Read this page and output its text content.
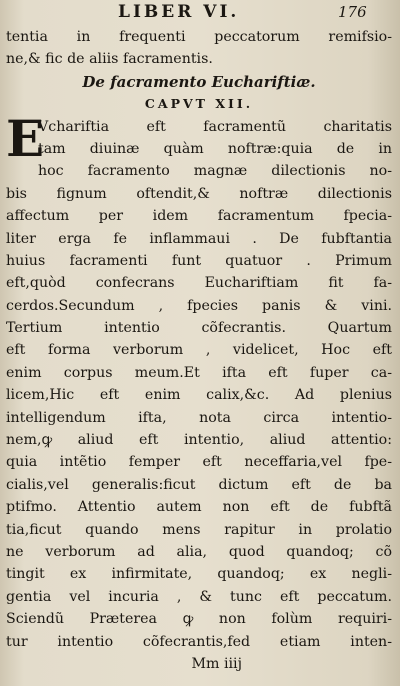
LIBER VI.	176
tentia in frequenti peccatorum remifsio-
ne,& fic de aliis facramentis.
De facramento Euchariftiæ.
CAPVT XII.
E
Vchariftia eft facramentũ charitatis
tam diuinæ quàm noftræ:quia de in
hoc facramento magnæ dilectionis no-
bis fignum oftendit,& noftræ dilectionis
affectum per idem facramentum fpecia-
liter erga fe inflammaui . De fubftantia
huius facramenti funt quatuor . Primum
eft,quòd confecrans Euchariftiam fit fa-
cerdos.Secundum , fpecies panis & vini.
Tertium intentio cõfecrantis. Quartum
eft forma verborum , videlicet, Hoc eft
enim corpus meum.Et ifta eft fuper ca-
licem,Hic eft enim calix,&c. Ad plenius
intelligendum ifta, nota circa intentio-
nem,ꝙ aliud eft intentio, aliud attentio:
quia intẽtio femper eft neceffaria,vel fpe-
cialis,vel generalis:ficut dictum eft de ba
ptifmo. Attentio autem non eft de fubftã
tia,ficut quando mens rapitur in prolatio
ne verborum ad alia, quod quandoq; cõ
tingit ex infirmitate, quandoq; ex negli-
gentia vel incuria , & tunc eft peccatum.
Sciendũ Præterea ꝙ non folùm requiri-
tur intentio cõfecrantis,fed etiam inten-
Mm iiij
